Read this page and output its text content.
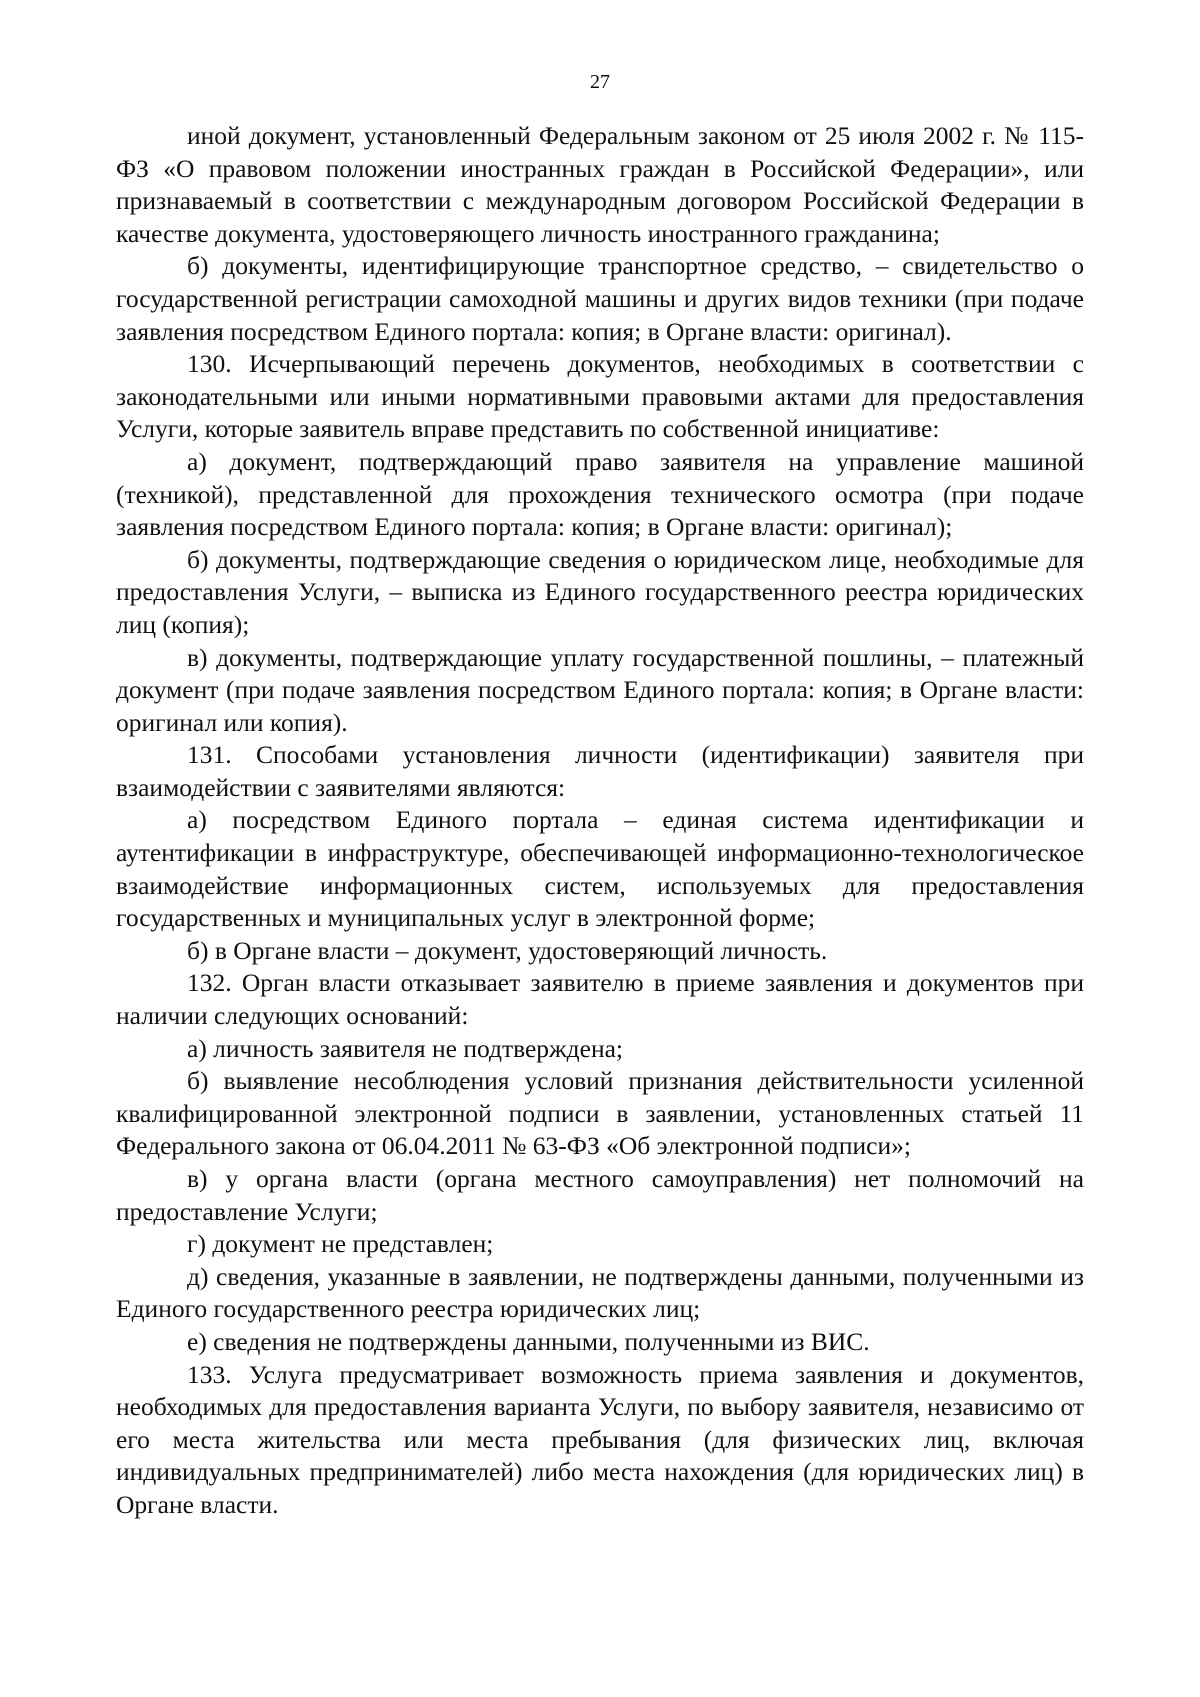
27

иной документ, установленный Федеральным законом от 25 июля 2002 г. № 115-ФЗ «О правовом положении иностранных граждан в Российской Федерации», или признаваемый в соответствии с международным договором Российской Федерации в качестве документа, удостоверяющего личность иностранного гражданина;

б) документы, идентифицирующие транспортное средство, – свидетельство о государственной регистрации самоходной машины и других видов техники (при подаче заявления посредством Единого портала: копия; в Органе власти: оригинал).

130. Исчерпывающий перечень документов, необходимых в соответствии с законодательными или иными нормативными правовыми актами для предоставления Услуги, которые заявитель вправе представить по собственной инициативе:

а) документ, подтверждающий право заявителя на управление машиной (техникой), представленной для прохождения технического осмотра (при подаче заявления посредством Единого портала: копия; в Органе власти: оригинал);

б) документы, подтверждающие сведения о юридическом лице, необходимые для предоставления Услуги, – выписка из Единого государственного реестра юридических лиц (копия);

в) документы, подтверждающие уплату государственной пошлины, – платежный документ (при подаче заявления посредством Единого портала: копия; в Органе власти: оригинал или копия).

131. Способами установления личности (идентификации) заявителя при взаимодействии с заявителями являются:

а) посредством Единого портала – единая система идентификации и аутентификации в инфраструктуре, обеспечивающей информационно-технологическое взаимодействие информационных систем, используемых для предоставления государственных и муниципальных услуг в электронной форме;

б) в Органе власти – документ, удостоверяющий личность.

132. Орган власти отказывает заявителю в приеме заявления и документов при наличии следующих оснований:

а) личность заявителя не подтверждена;

б) выявление несоблюдения условий признания действительности усиленной квалифицированной электронной подписи в заявлении, установленных статьей 11 Федерального закона от 06.04.2011 № 63-ФЗ «Об электронной подписи»;

в) у органа власти (органа местного самоуправления) нет полномочий на предоставление Услуги;

г) документ не представлен;

д) сведения, указанные в заявлении, не подтверждены данными, полученными из Единого государственного реестра юридических лиц;

е) сведения не подтверждены данными, полученными из ВИС.

133. Услуга предусматривает возможность приема заявления и документов, необходимых для предоставления варианта Услуги, по выбору заявителя, независимо от его места жительства или места пребывания (для физических лиц, включая индивидуальных предпринимателей) либо места нахождения (для юридических лиц) в Органе власти.
